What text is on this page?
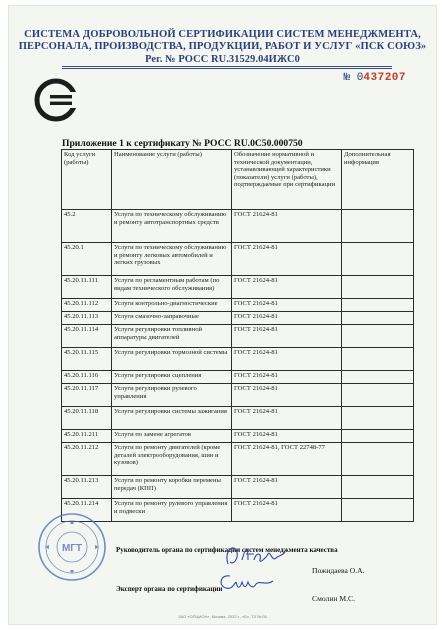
СИСТЕМА ДОБРОВОЛЬНОЙ СЕРТИФИКАЦИИ СИСТЕМ МЕНЕДЖМЕНТА,
ПЕРСОНАЛА, ПРОИЗВОДСТВА, ПРОДУКЦИИ, РАБОТ И УСЛУГ «ПСК СОЮЗ»
Рег. № РОСС RU.31529.04ИЖС0
№ 0437207
Приложение 1 к сертификату № РОСС RU.0С50.000750
Код услуги (работы)	Наименование услуги (работы)	Обозначение нормативной и технической документации, устанавливающей характеристики (показатели) услуги (работы), подтверждаемые при сертификации	Дополнительная информация
45.2	Услуги по техническому обслуживанию и ремонту автотранспортных средств	ГОСТ 21624-81	
45.20.1	Услуги по техническому обслуживанию и ремонту легковых автомобилей и легких грузовых	ГОСТ 21624-81	
45.20.11.111	Услуги по регламентным работам (по видам технического обслуживания)	ГОСТ 21624-81	
45.20.11.112	Услуги контрольно-диагностические	ГОСТ 21624-81	
45.20.11.113	Услуги смазочно-заправочные	ГОСТ 21624-81	
45.20.11.114	Услуги регулировки топливной аппаратуры двигателей	ГОСТ 21624-81	
45.20.11.115	Услуги регулировки тормозной системы	ГОСТ 21624-81	
45.20.11.116	Услуги регулировки сцепления	ГОСТ 21624-81	
45.20.11.117	Услуги регулировки рулевого управления	ГОСТ 21624-81	
45.20.11.118	Услуги регулировки системы зажигания	ГОСТ 21624-81	
45.20.11.211	Услуги по замене агрегатов	ГОСТ 21624-81	
45.20.11.212	Услуги по ремонту двигателей (кроме деталей электрооборудования, шин и кузовов)	ГОСТ 21624-81, ГОСТ 22748-77	
45.20.11.213	Услуги по ремонту коробки перемены передач (КПП)	ГОСТ 21624-81	
45.20.11.214	Услуги по ремонту рулевого управления и подвески	ГОСТ 21624-81	
Руководитель органа по сертификации систем менеджмента качества
Пожидаева О.А.
Эксперт органа по сертификации
Смолин М.С.
МГТ
ЗАО «ОПЦИОН», Москва, 2022 г., «Б», Т3 № 00
